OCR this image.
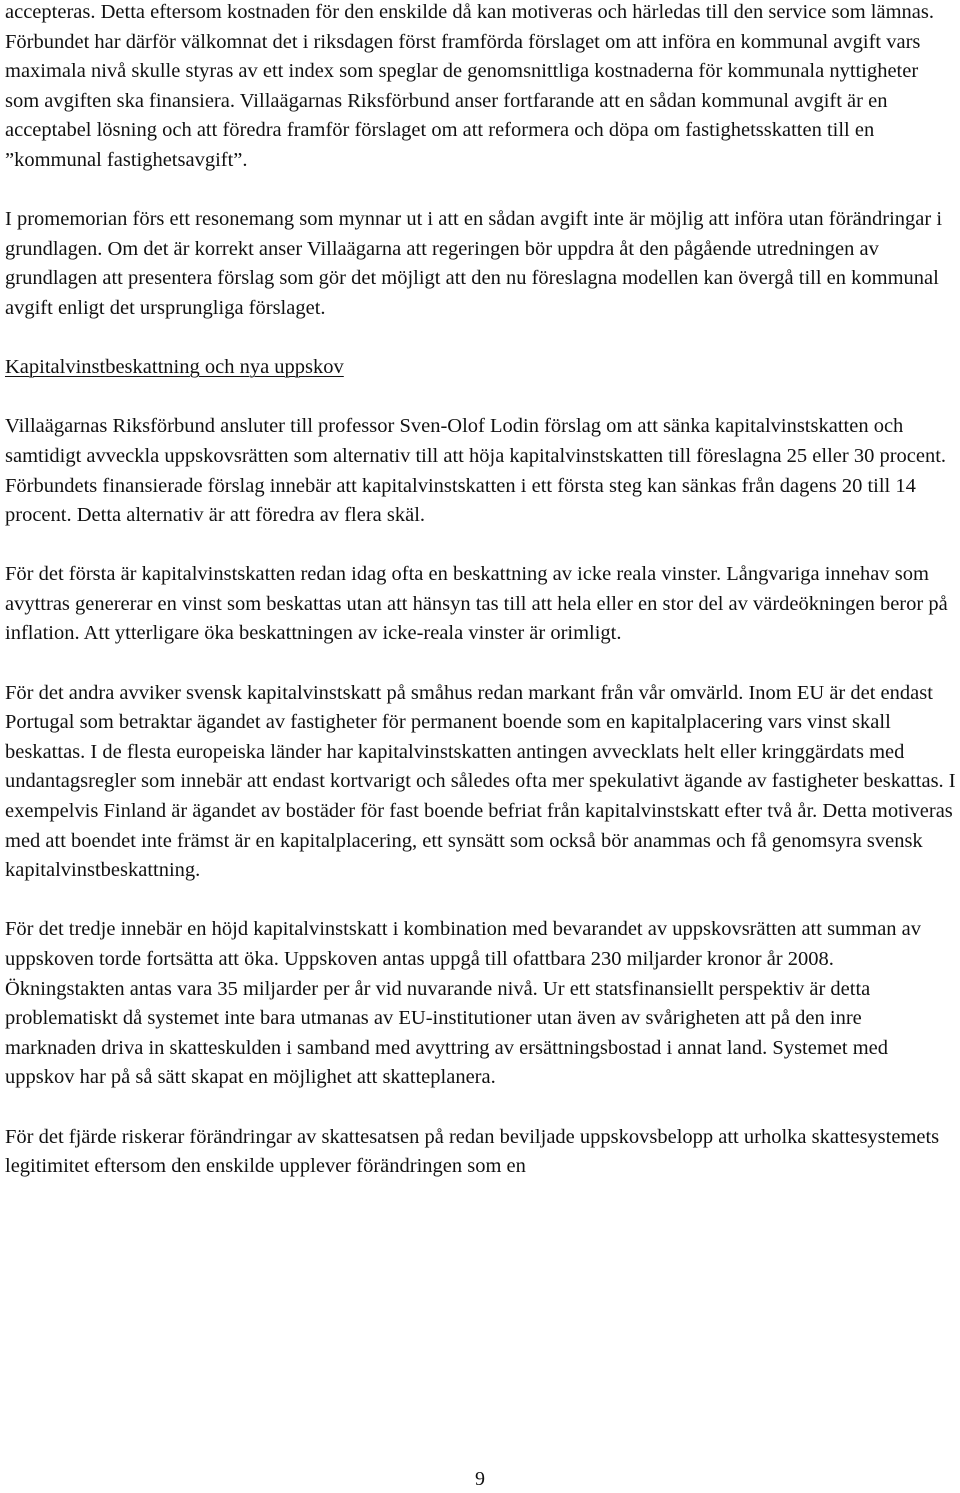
accepteras. Detta eftersom kostnaden för den enskilde då kan motiveras och härledas till den service som lämnas. Förbundet har därför välkomnat det i riksdagen först framförda förslaget om att införa en kommunal avgift vars maximala nivå skulle styras av ett index som speglar de genomsnittliga kostnaderna för kommunala nyttigheter som avgiften ska finansiera. Villaägarnas Riksförbund anser fortfarande att en sådan kommunal avgift är en acceptabel lösning och att föredra framför förslaget om att reformera och döpa om fastighetsskatten till en ”kommunal fastighetsavgift”.

I promemorian förs ett resonemang som mynnar ut i att en sådan avgift inte är möjlig att införa utan förändringar i grundlagen. Om det är korrekt anser Villaägarna att regeringen bör uppdra åt den pågående utredningen av grundlagen att presentera förslag som gör det möjligt att den nu föreslagna modellen kan övergå till en kommunal avgift enligt det ursprungliga förslaget.

Kapitalvinstbeskattning och nya uppskov

Villaägarnas Riksförbund ansluter till professor Sven-Olof Lodin förslag om att sänka kapitalvinstskatten och samtidigt avveckla uppskovsrätten som alternativ till att höja kapitalvinstskatten till föreslagna 25 eller 30 procent. Förbundets finansierade förslag innebär att kapitalvinstskatten i ett första steg kan sänkas från dagens 20 till 14 procent. Detta alternativ är att föredra av flera skäl.

För det första är kapitalvinstskatten redan idag ofta en beskattning av icke reala vinster. Långvariga innehav som avyttras genererar en vinst som beskattas utan att hänsyn tas till att hela eller en stor del av värdeökningen beror på inflation. Att ytterligare öka beskattningen av icke-reala vinster är orimligt.

För det andra avviker svensk kapitalvinstskatt på småhus redan markant från vår omvärld. Inom EU är det endast Portugal som betraktar ägandet av fastigheter för permanent boende som en kapitalplacering vars vinst skall beskattas. I de flesta europeiska länder har kapitalvinstskatten antingen avvecklats helt eller kringgärdats med undantagsregler som innebär att endast kortvarigt och således ofta mer spekulativt ägande av fastigheter beskattas. I exempelvis Finland är ägandet av bostäder för fast boende befriat från kapitalvinstskatt efter två år. Detta motiveras med att boendet inte främst är en kapitalplacering, ett synsätt som också bör anammas och få genomsyra svensk kapitalvinstbeskattning.

För det tredje innebär en höjd kapitalvinstskatt i kombination med bevarandet av uppskovsrätten att summan av uppskoven torde fortsätta att öka. Uppskoven antas uppgå till ofattbara 230 miljarder kronor år 2008. Ökningstakten antas vara 35 miljarder per år vid nuvarande nivå. Ur ett statsfinansiellt perspektiv är detta problematiskt då systemet inte bara utmanas av EU-institutioner utan även av svårigheten att på den inre marknaden driva in skatteskulden i samband med avyttring av ersättningsbostad i annat land. Systemet med uppskov har på så sätt skapat en möjlighet att skatteplanera.

För det fjärde riskerar förändringar av skattesatsen på redan beviljade uppskovsbelopp att urholka skattesystemets legitimitet eftersom den enskilde upplever förändringen som en

9
